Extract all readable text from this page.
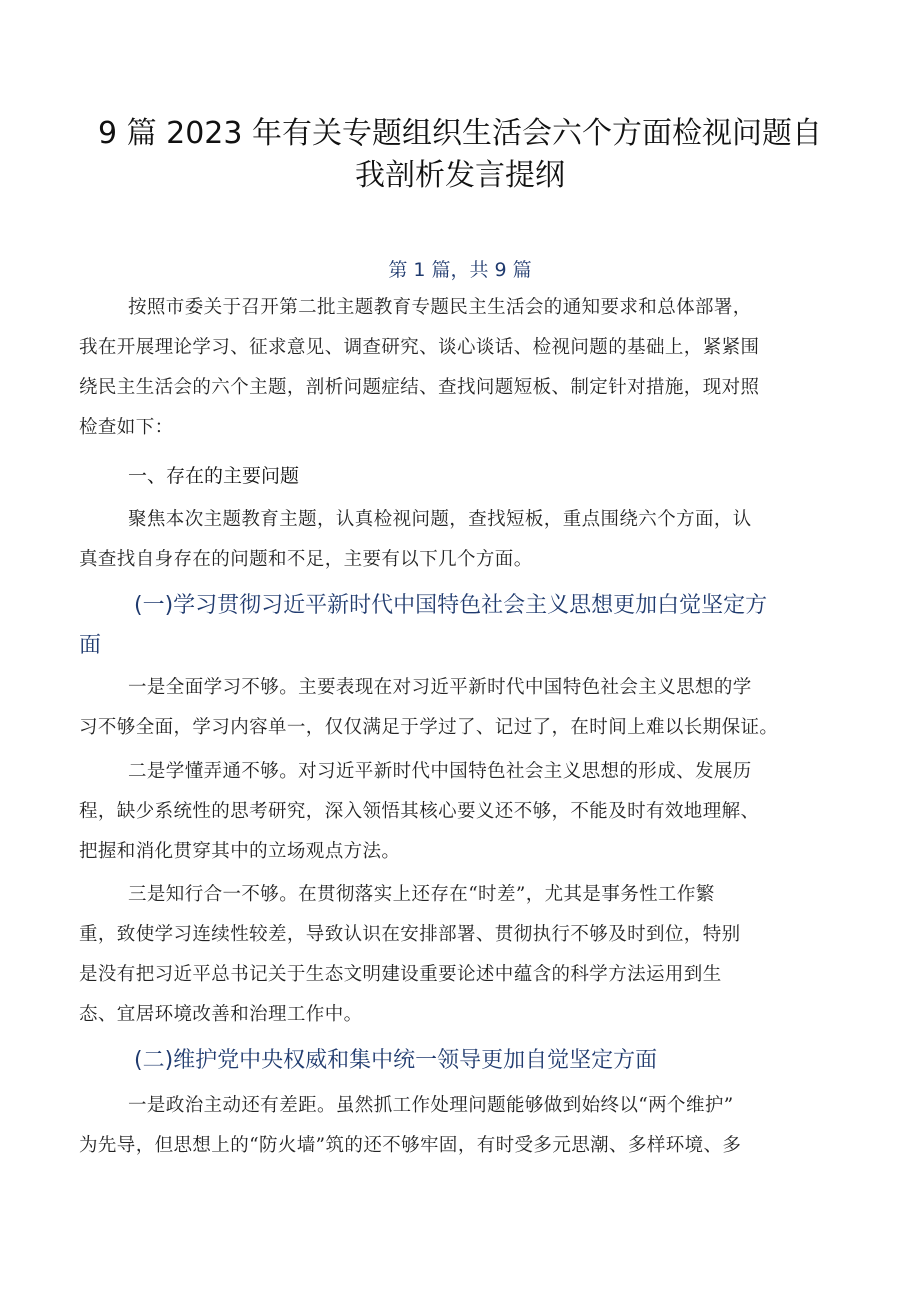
9 篇 2023 年有关专题组织生活会六个方面检视问题自
我剖析发言提纲
第 1 篇，共 9 篇
按照市委关于召开第二批主题教育专题民主生活会的通知要求和总体部署，
我在开展理论学习、征求意见、调查研究、谈心谈话、检视问题的基础上，紧紧围
绕民主生活会的六个主题，剖析问题症结、查找问题短板、制定针对措施，现对照
检查如下：
一、存在的主要问题
聚焦本次主题教育主题，认真检视问题，查找短板，重点围绕六个方面，认
真查找自身存在的问题和不足，主要有以下几个方面。
(一)学习贯彻习近平新时代中国特色社会主义思想更加白觉坚定方
面
一是全面学习不够。主要表现在对习近平新时代中国特色社会主义思想的学
习不够全面，学习内容单一，仅仅满足于学过了、记过了，在时间上难以长期保证。
二是学懂弄通不够。对习近平新时代中国特色社会主义思想的形成、发展历
程，缺少系统性的思考研究，深入领悟其核心要义还不够，不能及时有效地理解、
把握和消化贯穿其中的立场观点方法。
三是知行合一不够。在贯彻落实上还存在“时差”，尤其是事务性工作繁
重，致使学习连续性较差，导致认识在安排部署、贯彻执行不够及时到位，特别
是没有把习近平总书记关于生态文明建设重要论述中蕴含的科学方法运用到生
态、宜居环境改善和治理工作中。
(二)维护党中央权威和集中统一领导更加自觉坚定方面
一是政治主动还有差距。虽然抓工作处理问题能够做到始终以“两个维护”
为先导，但思想上的“防火墙”筑的还不够牢固，有时受多元思潮、多样环境、多
